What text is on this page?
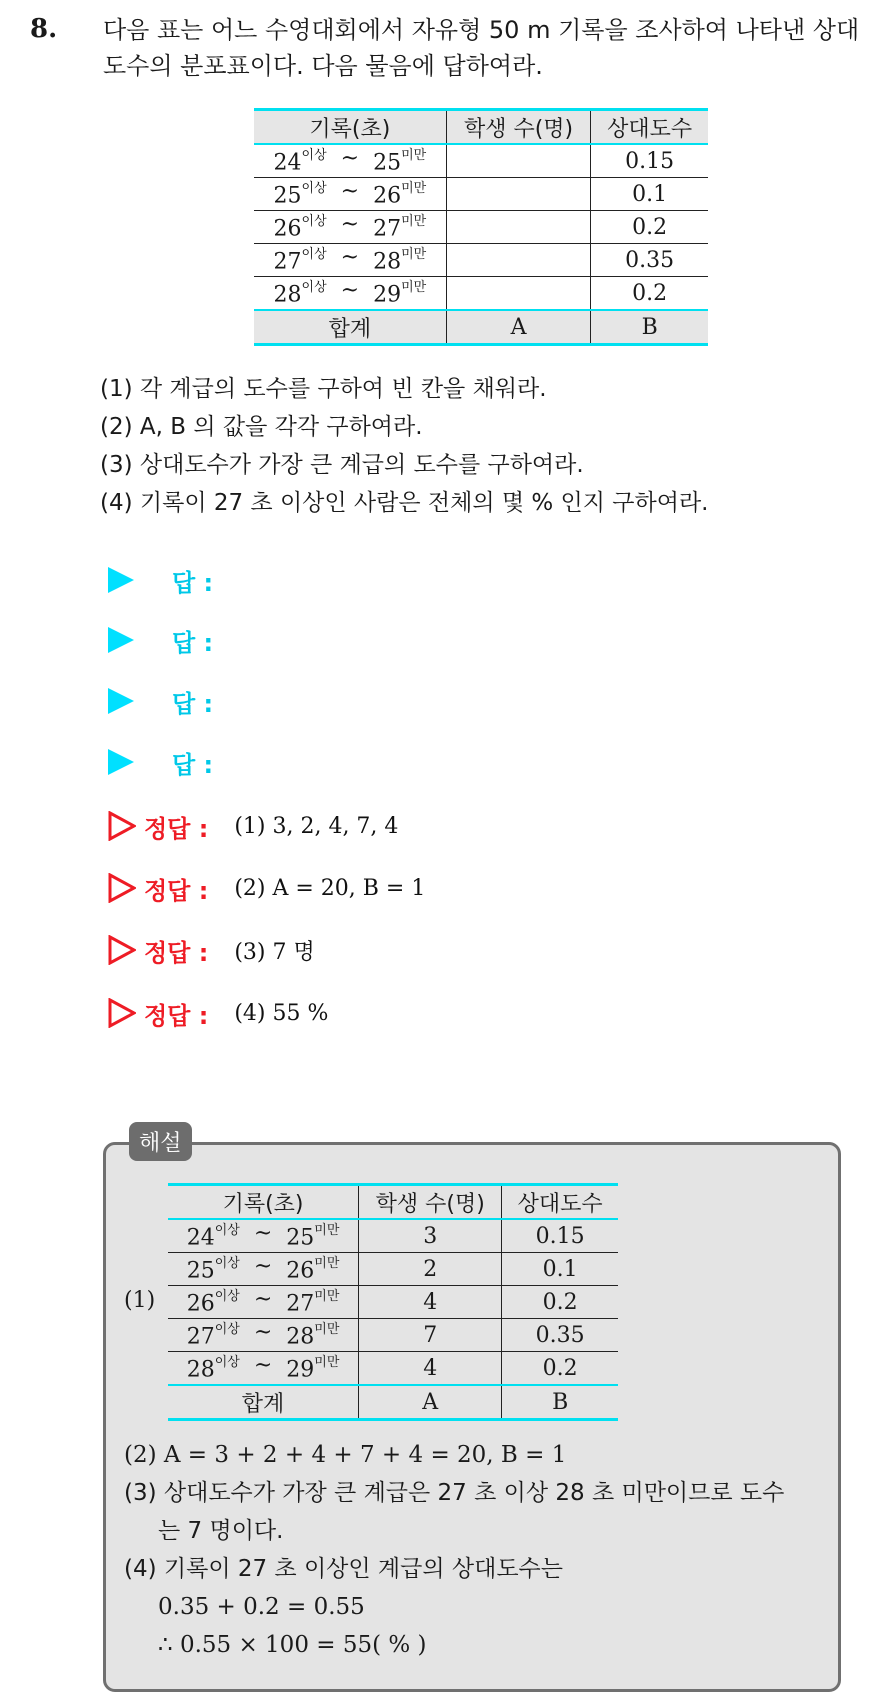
8. 다음 표는 어느 수영대회에서 자유형 50 m 기록을 조사하여 나타낸 상대도수의 분포표이다. 다음 물음에 답하여라.

기록(초)	학생 수(명)	상대도수

$24^{이상}$ ~ $25^{미만}$		0.15

$25^{이상}$ ~ $26^{미만}$		0.1

$26^{이상}$ ~ $27^{미만}$		0.2

$27^{이상}$ ~ $28^{미만}$		0.35

$28^{이상}$ ~ $29^{미만}$		0.2
합계	A	B
(1) 각 계급의 도수를 구하여 빈 칸을 채워라.
(2) A, B 의 값을 각각 구하여라.
(3) 상대도수가 가장 큰 계급의 도수를 구하여라.
(4) 기록이 27 초 이상인 사람은 전체의 몇 % 인지 구하여라.
답 :
답 :
답 :
답 :
정답 : (1) 3, 2, 4, 7, 4
정답 : (2) A = 20, B = 1
정답 : (3) 7 명
정답 : (4) 55 %
해설
(1)
기록(초)	학생 수(명)	상대도수

$24^{이상}$ ~ $25^{미만}$	3	0.15

$25^{이상}$ ~ $26^{미만}$	2	0.1

$26^{이상}$ ~ $27^{미만}$	4	0.2

$27^{이상}$ ~ $28^{미만}$	7	0.35

$28^{이상}$ ~ $29^{미만}$	4	0.2
합계	A	B
(2) A = 3 + 2 + 4 + 7 + 4 = 20, B = 1
(3) 상대도수가 가장 큰 계급은 27 초 이상 28 초 미만이므로 도수
는 7 명이다.
(4) 기록이 27 초 이상인 계급의 상대도수는
0.35 + 0.2 = 0.55
∴ 0.55 × 100 = 55( % )
